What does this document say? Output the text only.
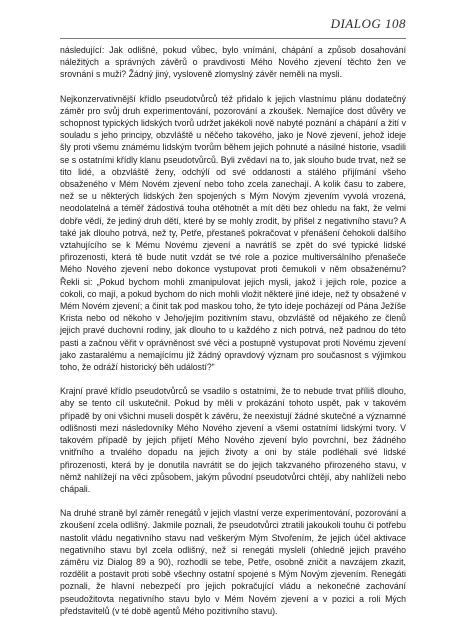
DIALOG 108

následující: Jak odlišné, pokud vůbec, bylo vnímání, chápání a způsob dosahování náležitých a správných závěrů o pravdivosti Mého Nového zjevení těchto žen ve srovnání s muži? Žádný jiný, vysloveně zlomyslný závěr neměli na mysli.

Nejkonzervativnější křídlo pseudotvůrců též přidalo k jejich vlastnímu plánu dodatečný záměr pro svůj druh experimentování, pozorování a zkoušek. Nemajíce dost důvěry ve schopnost typických lidských tvorů udržet jakékoli nově nabyté poznání a chápání a žití v souladu s jeho principy, obzvláště u něčeho takového, jako je Nové zjevení, jehož ideje šly proti všemu známému lidským tvorům během jejich pohnuté a násilné historie, vsadili se s ostatními křídly klanu pseudotvůrců. Byli zvědaví na to, jak slouho bude trvat, než se tito lidé, a obzvláště ženy, odchýlí od své oddanosti a stálého přijímání všeho obsaženého v Mém Novém zjevení nebo toho zcela zanechají. A kolik času to zabere, než se u některých lidských žen spojených s Mým Novým zjevením vyvolá vrozená, neodolatelná a téměř žádostivá touha otěhotnět a mít děti bez ohledu na fakt, že velmi dobře vědí, že jediný druh dětí, které by se mohly zrodit, by přišel z negativního stavu? A také jak dlouho potrvá, než ty, Petře, přestaneš pokračovat v přenášení čehokoli dalšího vztahujícího se k Mému Novému zjevení a navrátíš se zpět do své typické lidské přirozenosti, která tě bude nutit vzdát se tvé role a pozice multiversálního přenašeče Mého Nového zjevení nebo dokonce vystupovat proti čemukoli v něm obsaženému? Řekli si: „Pokud bychom mohli zmanipulovat jejich mysli, jakož i jejich role, pozice a cokoli, co mají, a pokud bychom do nich mohli vložit některé jiné ideje, než ty obsažené v Mém Novém zjevení; a činit tak pod maskou toho, že tyto ideje pocházejí od Pána Ježíše Krista nebo od někoho v Jeho/jejím pozitivním stavu, obzvláště od nějakého ze členů jejich pravé duchovní rodiny, jak dlouho to u každého z nich potrvá, než padnou do této pasti a začnou věřit v oprávněnost své věci a postupně vystupovat proti Novému zjevení jako zastaralému a nemajícímu již žádný opravdový význam pro současnost s výjimkou toho, že odráží historický běh událostí?“

Krajní pravé křídlo pseudotvůrců se vsadilo s ostatními, že to nebude trvat příliš dlouho, aby se tento cíl uskutečnil. Pokud by měli v prokázání tohoto uspět, pak v takovém případě by oni všichni museli dospět k závěru, že neexistují žádné skutečné a významné odlišnosti mezi následovníky Mého Nového zjevení a všemi ostatními lidskými tvory. V takovém případě by jejich přijetí Mého Nového zjevení bylo povrchní, bez žádného vnitřního a trvalého dopadu na jejich životy a oni by stále podléhali své lidské přirozenosti, která by je donutila navrátit se do jejich takzvaného přirozeného stavu, v němž nahlížejí na věci způsobem, jakým původní pseudotvůrci chtějí, aby nahlíželi nebo chápali.

Na druhé straně byl záměr renegátů v jejich vlastní verze experimentování, pozorování a zkoušení zcela odlišný. Jakmile poznali, že pseudotvůrci ztratili jakoukoli touhu či potřebu nastolit vládu negativního stavu nad veškerým Mým Stvořením, že jejich účel aktivace negativního stavu byl zcela odlišný, než si renegáti mysleli (ohledně jejich pravého záměru viz Dialog 89 a 90), rozhodli se tebe, Petře, osobně zničit a navzájem zkazit, rozdělit a postavit proti sobě všechny ostatní spojené s Mým Novým zjevením. Renegáti poznali, že hlavní nebezpečí pro jejich pokračující vládu a nekonečné zachování pseudožitovta negativního stavu bylo v Mém Novém zjevení a v pozici a roli Mých představitelů (v té době agentů Mého pozitivního stavu).
